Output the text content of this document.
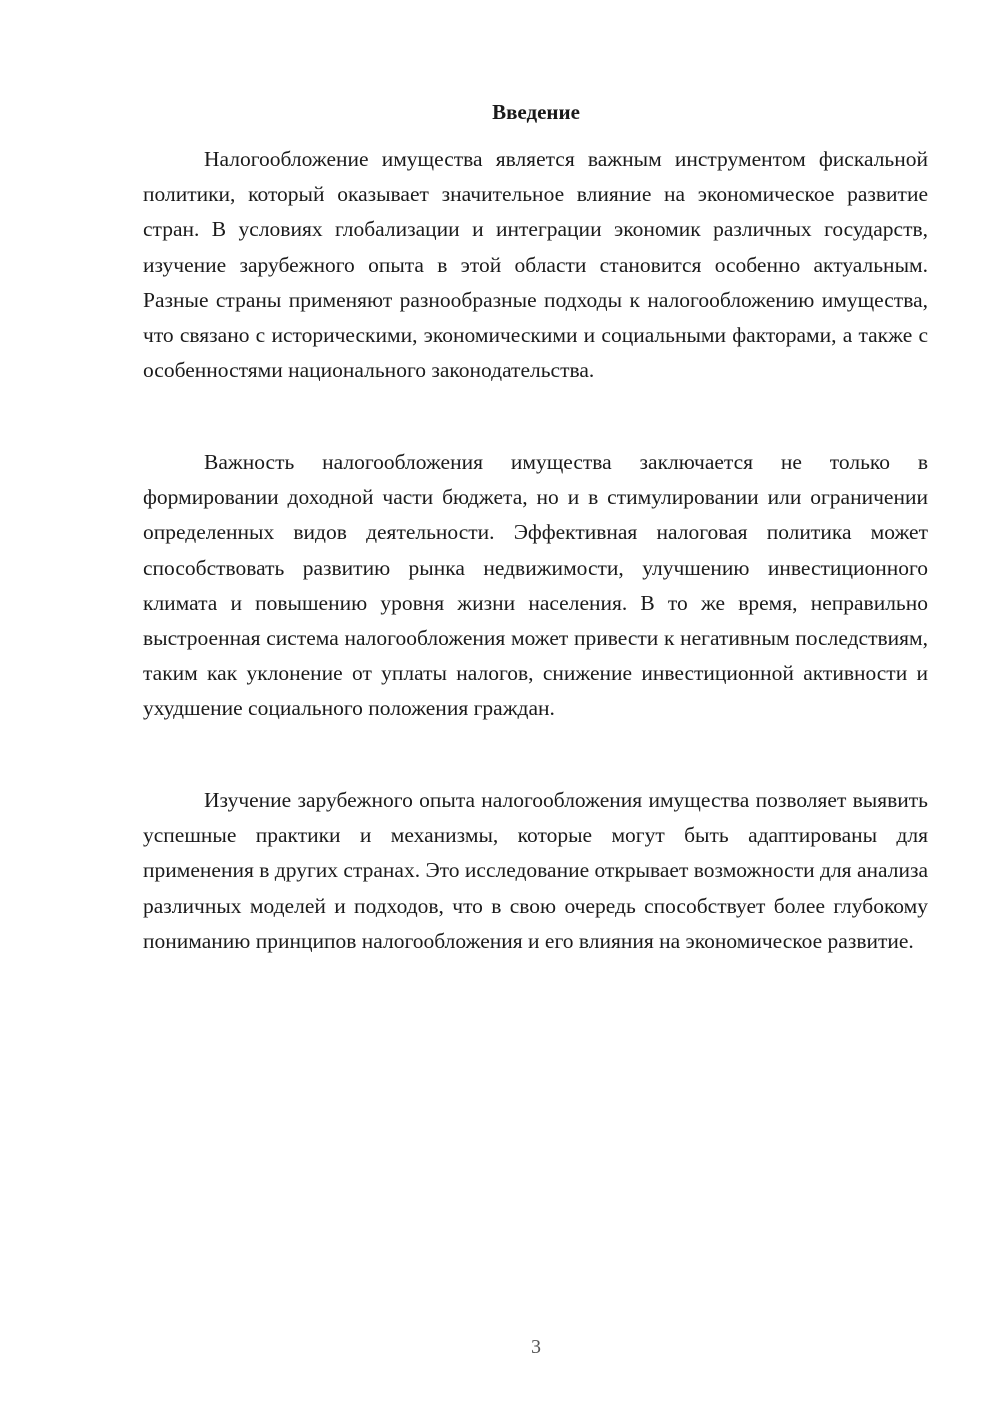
Введение

Налогообложение имущества является важным инструментом фискальной политики, который оказывает значительное влияние на экономическое развитие стран. В условиях глобализации и интеграции экономик различных государств, изучение зарубежного опыта в этой области становится особенно актуальным. Разные страны применяют разнообразные подходы к налогообложению имущества, что связано с историческими, экономическими и социальными факторами, а также с особенностями национального законодательства.

Важность налогообложения имущества заключается не только в формировании доходной части бюджета, но и в стимулировании или ограничении определенных видов деятельности. Эффективная налоговая политика может способствовать развитию рынка недвижимости, улучшению инвестиционного климата и повышению уровня жизни населения. В то же время, неправильно выстроенная система налогообложения может привести к негативным последствиям, таким как уклонение от уплаты налогов, снижение инвестиционной активности и ухудшение социального положения граждан.

Изучение зарубежного опыта налогообложения имущества позволяет выявить успешные практики и механизмы, которые могут быть адаптированы для применения в других странах. Это исследование открывает возможности для анализа различных моделей и подходов, что в свою очередь способствует более глубокому пониманию принципов налогообложения и его влияния на экономическое развитие.

3
